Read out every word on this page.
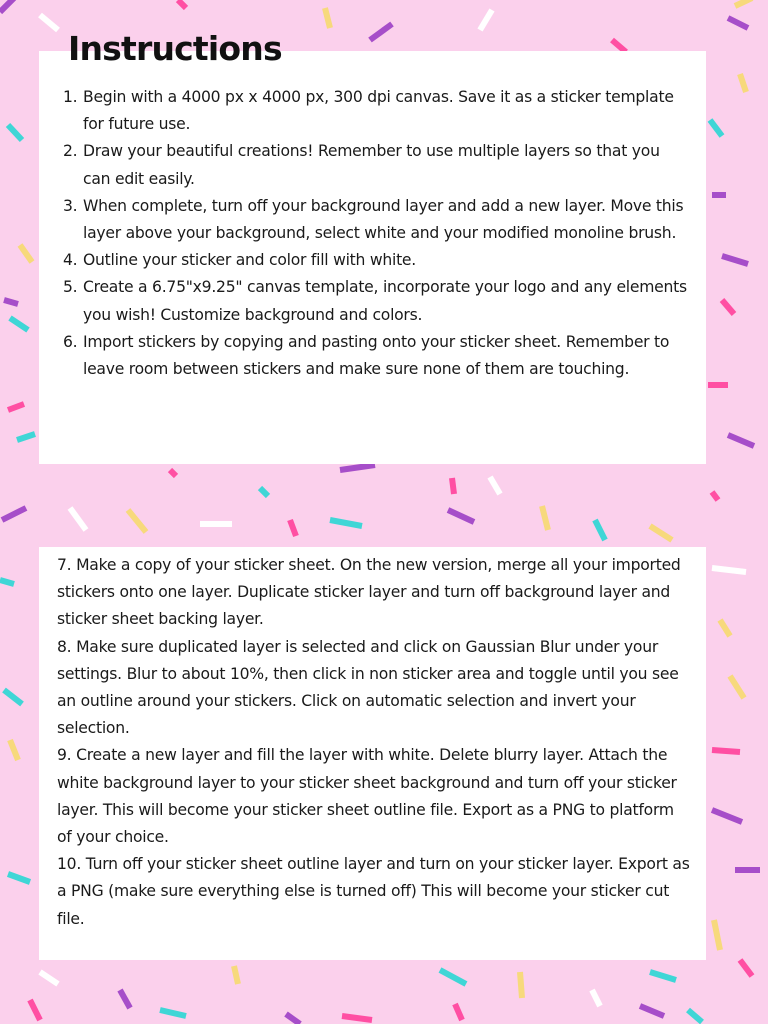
Instructions
1. Begin with a 4000 px x 4000 px, 300 dpi canvas. Save it as a sticker template for future use.
2. Draw your beautiful creations! Remember to use multiple layers so that you can edit easily.
3. When complete, turn off your background layer and add a new layer. Move this layer above your background, select white and your modified monoline brush.
4. Outline your sticker and color fill with white.
5. Create a 6.75"x9.25" canvas template, incorporate your logo and any elements you wish! Customize background and colors.
6. Import stickers by copying and pasting onto your sticker sheet. Remember to leave room between stickers and make sure none of them are touching.
7. Make a copy of your sticker sheet. On the new version, merge all your imported stickers onto one layer. Duplicate sticker layer and turn off background layer and sticker sheet backing layer.
8. Make sure duplicated layer is selected and click on Gaussian Blur under your settings. Blur to about 10%, then click in non sticker area and toggle until you see an outline around your stickers. Click on automatic selection and invert your selection.
9. Create a new layer and fill the layer with white. Delete blurry layer. Attach the white background layer to your sticker sheet background and turn off your sticker layer. This will become your sticker sheet outline file. Export as a PNG to platform of your choice.
10. Turn off your sticker sheet outline layer and turn on your sticker layer. Export as a PNG (make sure everything else is turned off) This will become your sticker cut file.
